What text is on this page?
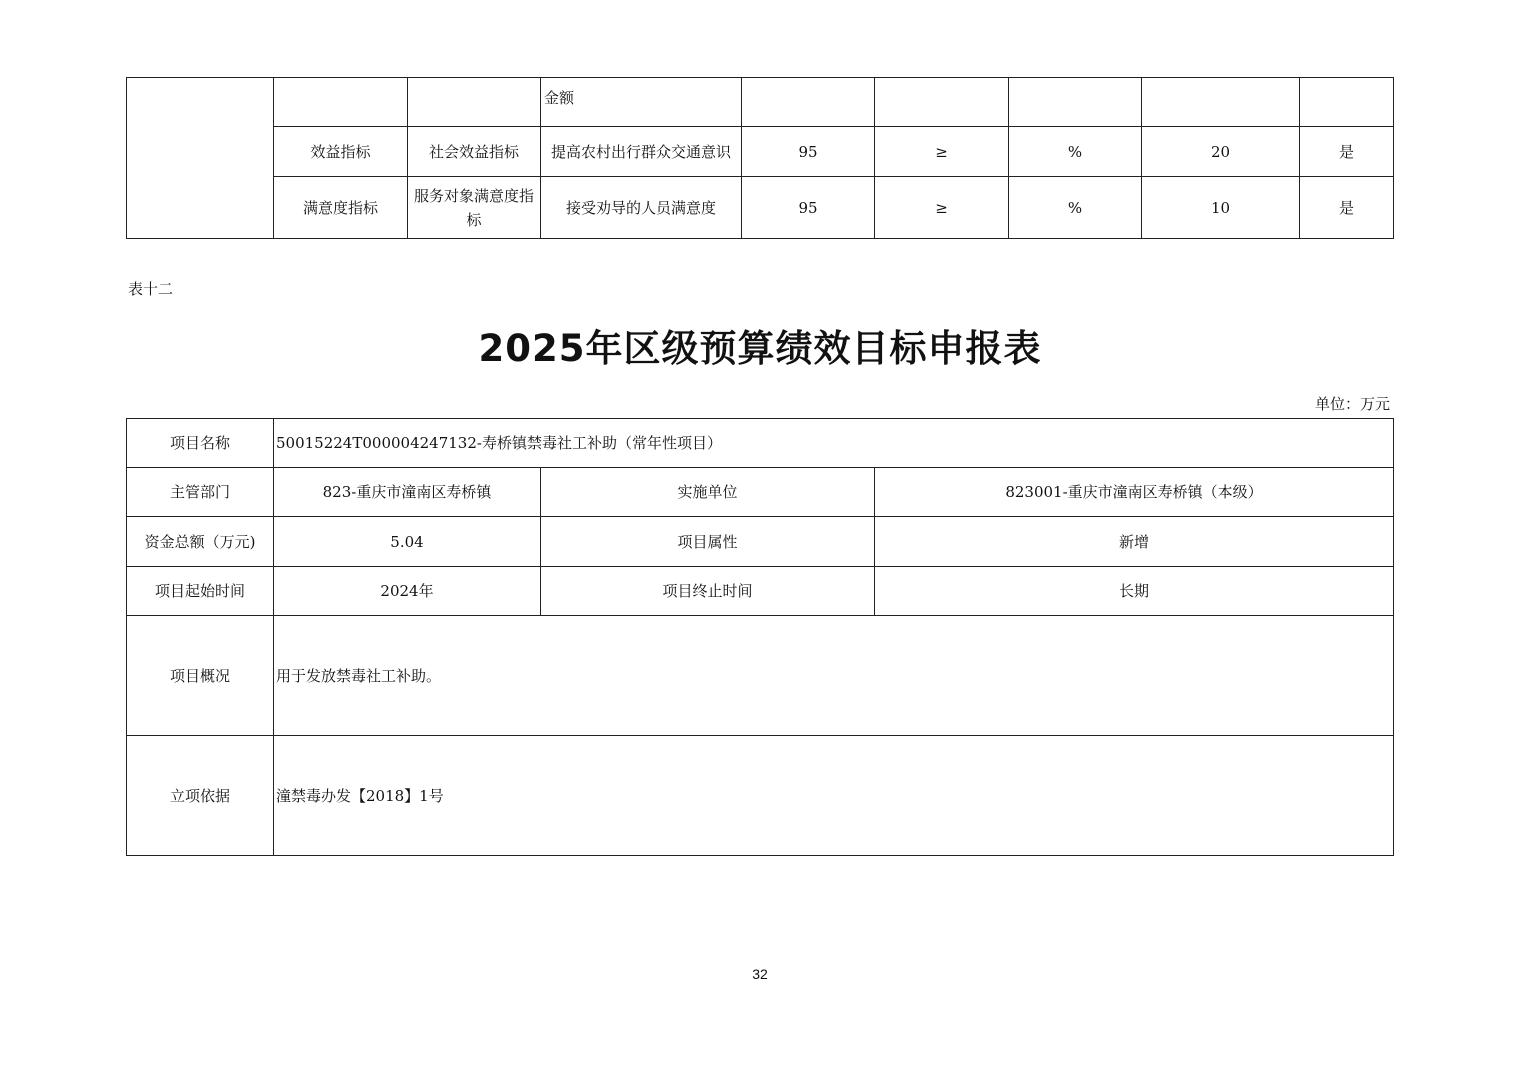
			金额					
	效益指标	社会效益指标	提高农村出行群众交通意识	95	≥	%	20	是
	满意度指标	服务对象满意度指标	接受劝导的人员满意度	95	≥	%	10	是
表十二
2025年区级预算绩效目标申报表
单位：万元
项目名称	50015224T000004247132-寿桥镇禁毒社工补助（常年性项目）		
主管部门	823-重庆市潼南区寿桥镇	实施单位	823001-重庆市潼南区寿桥镇（本级）
资金总额（万元)	5.04	项目属性	新增
项目起始时间	2024年	项目终止时间	长期
项目概况	用于发放禁毒社工补助。		
立项依据	潼禁毒办发【2018】1号		
32
